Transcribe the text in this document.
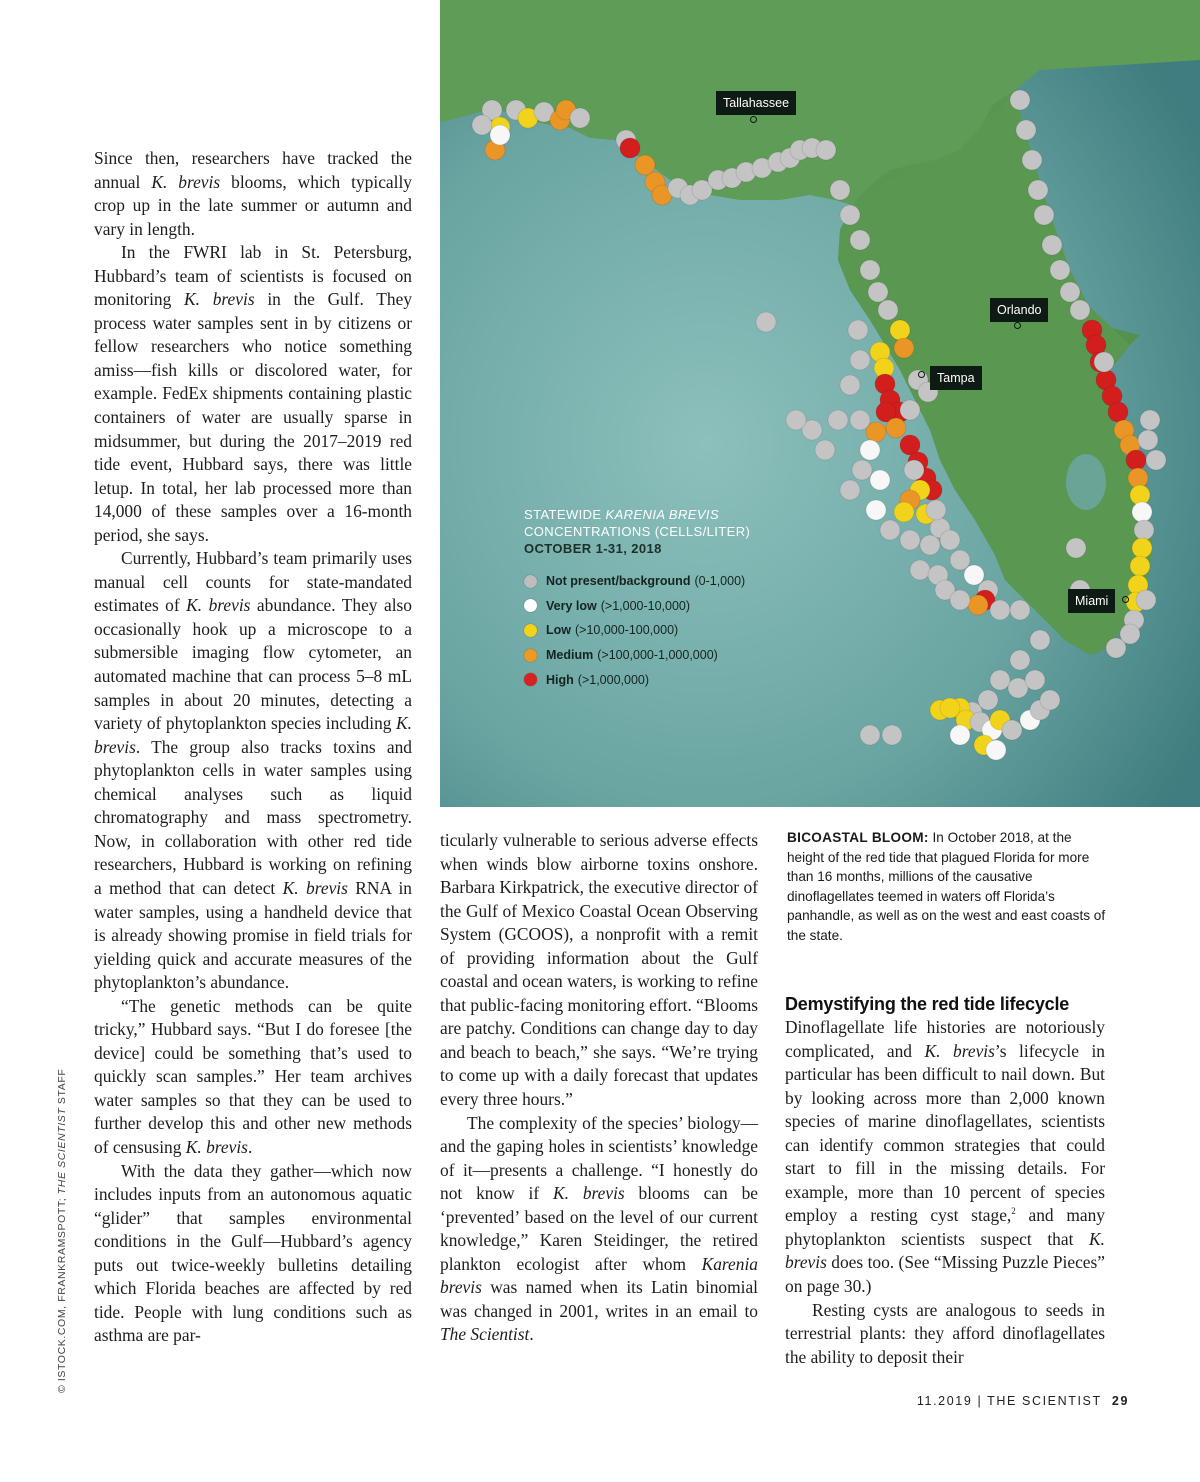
Tallahassee
Orlando
Tampa
Miami
STATEWIDE KARENIA BREVIS
CONCENTRATIONS (CELLS/LITER)
OCTOBER 1-31, 2018
Not present/background (0-1,000)
Very low (>1,000-10,000)
Low (>10,000-100,000)
Medium (>100,000-1,000,000)
High (>1,000,000)
BICOASTAL BLOOM: In October 2018, at the height of the red tide that plagued Florida for more than 16 months, millions of the causative dinoflagellates teemed in waters off Florida’s panhandle, as well as on the west and east coasts of the state.

Since then, researchers have tracked the annual K. brevis blooms, which typically crop up in the late summer or autumn and vary in length.

In the FWRI lab in St. Petersburg, Hubbard’s team of scientists is focused on monitoring K. brevis in the Gulf. They process water samples sent in by citizens or fellow researchers who notice something amiss—fish kills or discolored water, for example. FedEx shipments containing plastic containers of water are usually sparse in midsummer, but during the 2017–2019 red tide event, Hubbard says, there was little letup. In total, her lab processed more than 14,000 of these samples over a 16-month period, she says.

Currently, Hubbard’s team primarily uses manual cell counts for state-mandated estimates of K. brevis abundance. They also occasionally hook up a microscope to a submersible imaging flow cytometer, an automated machine that can process 5–8 mL samples in about 20 minutes, detecting a variety of phytoplankton species including K. brevis. The group also tracks toxins and phytoplankton cells in water samples using chemical analyses such as liquid chromatography and mass spectrometry. Now, in collaboration with other red tide researchers, Hubbard is working on refining a method that can detect K. brevis RNA in water samples, using a handheld device that is already showing promise in field trials for yielding quick and accurate measures of the phytoplankton’s abundance.

“The genetic methods can be quite tricky,” Hubbard says. “But I do foresee [the device] could be something that’s used to quickly scan samples.” Her team archives water samples so that they can be used to further develop this and other new methods of censusing K. brevis.

With the data they gather—which now includes inputs from an autonomous aquatic “glider” that samples environmental conditions in the Gulf—Hubbard’s agency puts out twice-weekly bulletins detailing which Florida beaches are affected by red tide. People with lung conditions such as asthma are par-

ticularly vulnerable to serious adverse effects when winds blow airborne toxins onshore. Barbara Kirkpatrick, the executive director of the Gulf of Mexico Coastal Ocean Observing System (GCOOS), a nonprofit with a remit of providing information about the Gulf coastal and ocean waters, is working to refine that public-facing monitoring effort. “Blooms are patchy. Conditions can change day to day and beach to beach,” she says. “We’re trying to come up with a daily forecast that updates every three hours.”

The complexity of the species’ biology—and the gaping holes in scientists’ knowledge of it—presents a challenge. “I honestly do not know if K. brevis blooms can be ‘prevented’ based on the level of our current knowledge,” Karen Steidinger, the retired plankton ecologist after whom Karenia brevis was named when its Latin binomial was changed in 2001, writes in an email to The Scientist.

Demystifying the red tide lifecycle

Dinoflagellate life histories are notoriously complicated, and K. brevis’s lifecycle in particular has been difficult to nail down. But by looking across more than 2,000 known species of marine dinoflagellates, scientists can identify common strategies that could start to fill in the missing details. For example, more than 10 percent of species employ a resting cyst stage,$^2$ and many phytoplankton scientists suspect that K. brevis does too. (See “Missing Puzzle Pieces” on page 30.)

Resting cysts are analogous to seeds in terrestrial plants: they afford dinoflagellates the ability to deposit their

© ISTOCK.COM, FRANKRAMSPOTT; THE SCIENTIST STAFF
11.2019 | THE SCIENTIST 29
